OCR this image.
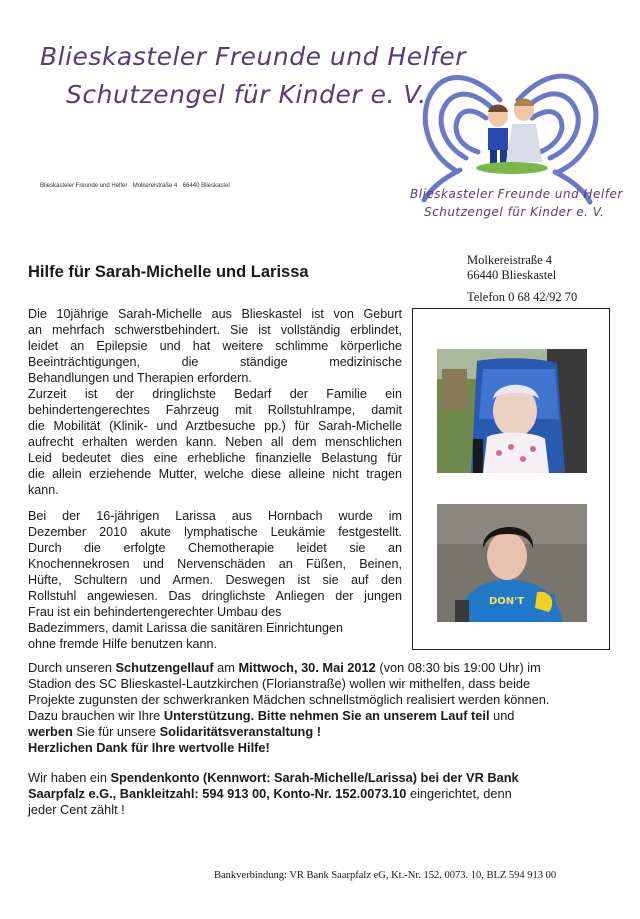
Blieskasteler Freunde und Helfer
Schutzengel für Kinder e. V.
Blieskasteler Freunde und Helfer · Molkereistraße 4 · 66440 Blieskastel
Blieskasteler Freunde und Helfer
Schutzengel für Kinder e. V.
Molkereistraße 4
66440 Blieskastel
Telefon 0 68 42/92 70
Hilfe für Sarah-Michelle und Larissa

Die 10jährige Sarah-Michelle aus Blieskastel ist von Geburt

an mehrfach schwerstbehindert. Sie ist vollständig erblindet,

leidet an Epilepsie und hat weitere schlimme körperliche

Beeinträchtigungen,	die	ständige	medizinische

Behandlungen und Therapien erfordern.

Zurzeit ist der dringlichste Bedarf der Familie ein

behindertengerechtes Fahrzeug mit Rollstuhlrampe, damit

die Mobilität (Klinik- und Arztbesuche pp.) für Sarah-Michelle

aufrecht erhalten werden kann. Neben all dem menschlichen

Leid bedeutet dies eine erhebliche finanzielle Belastung für

die allein erziehende Mutter, welche diese alleine nicht tragen

kann.

Bei der 16-jährigen Larissa aus Hornbach wurde im

Dezember 2010 akute lymphatische Leukämie festgestellt.

Durch die erfolgte Chemotherapie leidet sie an

Knochennekrosen und Nervenschäden an Füßen, Beinen,

Hüfte, Schultern und Armen. Deswegen ist sie auf den

Rollstuhl angewiesen. Das dringlichste Anliegen der jungen

Frau ist ein behindertengerechter Umbau des

Badezimmers, damit Larissa die sanitären Einrichtungen

ohne fremde Hilfe benutzen kann.

DON'T

Durch unseren Schutzengellauf am Mittwoch, 30. Mai 2012 (von 08:30 bis 19:00 Uhr) im

Stadion des SC Blieskastel-Lautzkirchen (Florianstraße) wollen wir mithelfen, dass beide

Projekte zugunsten der schwerkranken Mädchen schnellstmöglich realisiert werden können.

Dazu brauchen wir Ihre Unterstützung. Bitte nehmen Sie an unserem Lauf teil und

werben Sie für unsere Solidaritätsveranstaltung !

Herzlichen Dank für Ihre wertvolle Hilfe!

Wir haben ein Spendenkonto (Kennwort: Sarah-Michelle/Larissa) bei der VR Bank

Saarpfalz e.G., Bankleitzahl: 594 913 00, Konto-Nr. 152.0073.10 eingerichtet, denn

jeder Cent zählt !

Bankverbindung: VR Bank Saarpfalz eG, Kt.-Nr. 152. 0073. 10, BLZ 594 913 00
